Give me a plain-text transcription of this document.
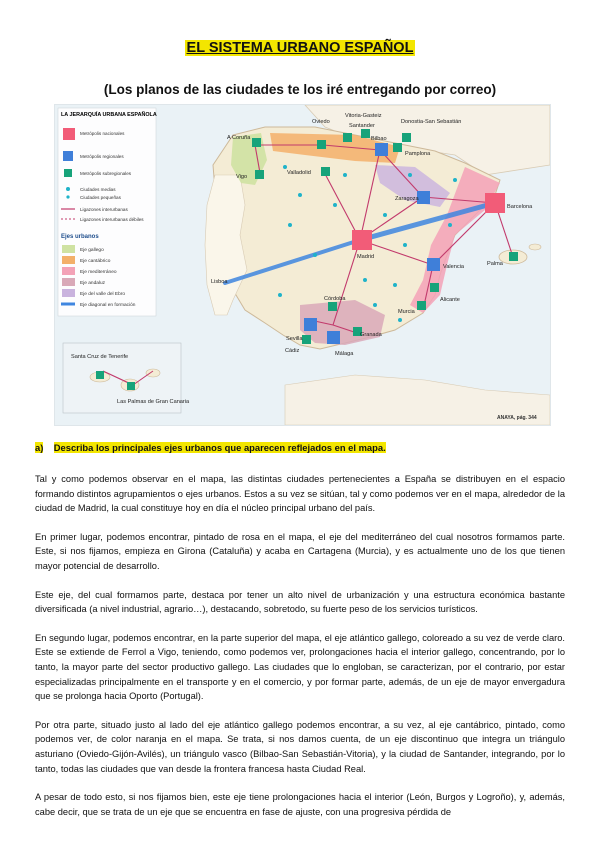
EL SISTEMA URBANO ESPAÑOL
(Los planos de las ciudades te los iré entregando por correo)
A Coruña
Vigo
Oviedo
Vitoria-Gasteiz
Santander
Bilbao
Donostia-San Sebastián
Pamplona
Valladolid
Zaragoza
Barcelona
Madrid
Lisboa
Valencia	Palma
Alicante
Murcia
Córdoba
Sevilla
Granada
Cádiz	Málaga
Santa Cruz de Tenerife
Las Palmas de Gran Canaria
LA JERARQUÍA URBANA ESPAÑOLA
Metrópolis nacionales
Metrópolis regionales
Metrópolis subregionales
Ciudades medias
Ciudades pequeñas
Ligazones interurbanas
Ligazones interurbanas débiles
Ejes urbanos
Eje gallego
Eje cantábrico
Eje mediterráneo
Eje andaluz
Eje del valle del Ebro
Eje diagonal en formación
ANAYA, pág. 344
a) Describa los principales ejes urbanos que aparecen reflejados en el mapa.

Tal y como podemos observar en el mapa, las distintas ciudades pertenecientes a España se distribuyen en el espacio formando distintos agrupamientos o ejes urbanos. Estos a su vez se sitúan, tal y como podemos ver en el mapa, alrededor de la ciudad de Madrid, la cual constituye hoy en día el núcleo principal urbano del país.

En primer lugar, podemos encontrar, pintado de rosa en el mapa, el eje del mediterráneo del cual nosotros formamos parte. Este, si nos fijamos, empieza en Girona (Cataluña) y acaba en Cartagena (Murcia), y es actualmente uno de los que tienen mayor potencial de desarrollo.

Este eje, del cual formamos parte, destaca por tener un alto nivel de urbanización y una estructura económica bastante diversificada (a nivel industrial, agrario…), destacando, sobretodo, su fuerte peso de los servicios turísticos.

En segundo lugar, podemos encontrar, en la parte superior del mapa, el eje atlántico gallego, coloreado a su vez de verde claro. Este se extiende de Ferrol a Vigo, teniendo, como podemos ver, prolongaciones hacia el interior gallego, concentrando, por lo tanto, la mayor parte del sector productivo gallego. Las ciudades que lo engloban, se caracterizan, por el contrario, por estar especializadas principalmente en el transporte y en el comercio, y por formar parte, además, de un eje de mayor envergadura que se prolonga hacia Oporto (Portugal).

Por otra parte, situado justo al lado del eje atlántico gallego podemos encontrar, a su vez, al eje cantábrico, pintado, como podemos ver, de color naranja en el mapa. Se trata, si nos damos cuenta, de un eje discontinuo que integra un triángulo asturiano (Oviedo-Gijón-Avilés), un triángulo vasco (Bilbao-San Sebastián-Vitoria), y la ciudad de Santander, integrando, por lo tanto, todas las ciudades que van desde la frontera francesa hasta Ciudad Real.

A pesar de todo esto, si nos fijamos bien, este eje tiene prolongaciones hacia el interior (León, Burgos y Logroño), y, además, cabe decir, que se trata de un eje que se encuentra en fase de ajuste, con una progresiva pérdida de
